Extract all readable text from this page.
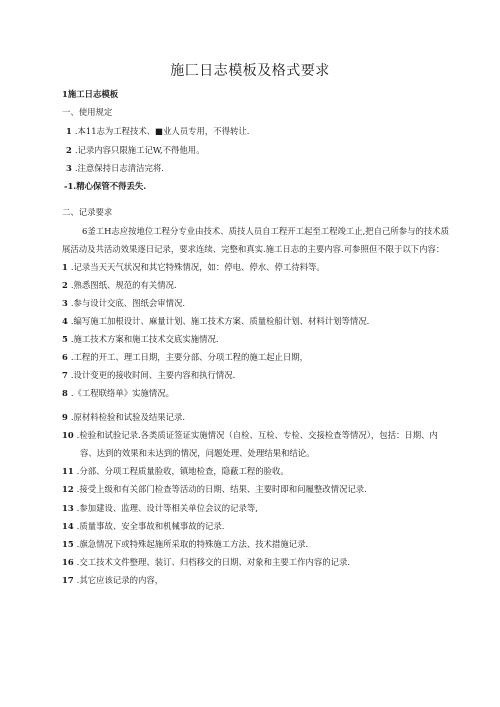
施匚日志模板及格式要求
1施工日志模板
一、使用规定
1 .本11志为工程技术、■业人员专用，不得转让.
2 .记录内容只限施工记W,不得他用。
3 .注意保持日志清洁完将.
-1.精心保管不得丢失.
二、记录要求
6釜工H志应按地位工程分专业由技术、质技人员自工程开工起至工程竣工止,把自己所参与的技术质
展活动及共活动效果逐日记录，要求连续、完整和真实.施工日志的主要内容.可参照但不限于以下内容：
1 .记录当天天气状况和其它特殊情况，如：停电、停水、停工待料等。
2 .熟悉图纸、规范的有关情况.
3 .参与设计交底、图纸会审情况.
4 .编写施工加根设计、麻量计划、施工技术方案、质量检船计划、材料计划等情况.
5 .施工技术方案和施工技术交底实施情况.
6 .工程的开工、理工日期，主要分部、分项工程的施工起止日期，
7 .设计变更的接收时间、主要内容和执行情况.
8 .《工程联络单》实施情况。
9 .原材料检验和试验及结果记录.
10 .检验和试验记录.各类质证签证实施情况（自检、互检、专检、交接检查等情况），包括：日期、内
容、达到的效果和未达到的情况，问题处理、处理结果和结论。
11 .分部、分项工程质量脸收，镇地检查，隐蔽工程的脸收。
12 .接受上级和有关部门检查等活动的日期、结果、主要时即和问履整改情况记录.
13 .参加建设、监理、设计等相关单位会议的记录等,
14 .质量事故、安全事故和机械事故的记录.
15 .旗急情况下或特殊起施所采取的特殊施工方法、技术措施记录.
16 .交工技术文件整理、装订、归档移交的日期、对象和主要工作内容的记录.
17 .其它应该记录的内容，
